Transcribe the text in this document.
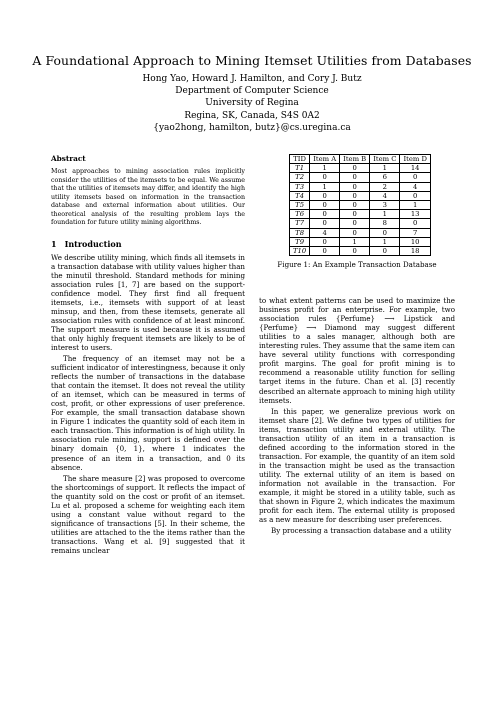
A Foundational Approach to Mining Itemset Utilities from Databases
Hong Yao, Howard J. Hamilton, and Cory J. Butz
Department of Computer Science
University of Regina
Regina, SK, Canada, S4S 0A2
{yao2hong, hamilton, butz}@cs.uregina.ca
Abstract

Most approaches to mining association rules implicitly consider the utilities of the itemsets to be equal. We assume that the utilities of itemsets may differ, and identify the high utility itemsets based on information in the transaction database and external information about utilities. Our theoretical analysis of the resulting problem lays the foundation for future utility mining algorithms.

1 Introduction

We describe utility mining, which finds all itemsets in a transaction database with utility values higher than the minutil threshold. Standard methods for mining association rules [1, 7] are based on the support-confidence model. They first find all frequent itemsets, i.e., itemsets with support of at least minsup, and then, from these itemsets, generate all association rules with confidence of at least minconf. The support measure is used because it is assumed that only highly frequent itemsets are likely to be of interest to users.

The frequency of an itemset may not be a sufficient indicator of interestingness, because it only reflects the number of transactions in the database that contain the itemset. It does not reveal the utility of an itemset, which can be measured in terms of cost, profit, or other expressions of user preference. For example, the small transaction database shown in Figure 1 indicates the quantity sold of each item in each transaction. This information is of high utility. In association rule mining, support is defined over the binary domain {0, 1}, where 1 indicates the presence of an item in a transaction, and 0 its absence.

The share measure [2] was proposed to overcome the shortcomings of support. It reflects the impact of the quantity sold on the cost or profit of an itemset. Lu et al. proposed a scheme for weighting each item using a constant value without regard to the significance of transactions [5]. In their scheme, the utilities are attached to the the items rather than the transactions. Wang et al. [9] suggested that it remains unclear

TID	Item A	Item B	Item C	Item D
T1	1	0	1	14
T2	0	0	6	0
T3	1	0	2	4
T4	0	0	4	0
T5	0	0	3	1
T6	0	0	1	13
T7	0	0	8	0
T8	4	0	0	7
T9	0	1	1	10
T10	0	0	0	18

Figure 1: An Example Transaction Database

to what extent patterns can be used to maximize the business profit for an enterprise. For example, two association rules {Perfume} ⟶ Lipstick and {Perfume} ⟶ Diamond may suggest different utilities to a sales manager, although both are interesting rules. They assume that the same item can have several utility functions with corresponding profit margins. The goal for profit mining is to recommend a reasonable utility function for selling target items in the future. Chan et al. [3] recently described an alternate approach to mining high utility itemsets.

In this paper, we generalize previous work on itemset share [2]. We define two types of utilities for items, transaction utility and external utility. The transaction utility of an item in a transaction is defined according to the information stored in the transaction. For example, the quantity of an item sold in the transaction might be used as the transaction utility. The external utility of an item is based on information not available in the transaction. For example, it might be stored in a utility table, such as that shown in Figure 2, which indicates the maximum profit for each item. The external utility is proposed as a new measure for describing user preferences.

By processing a transaction database and a utility
